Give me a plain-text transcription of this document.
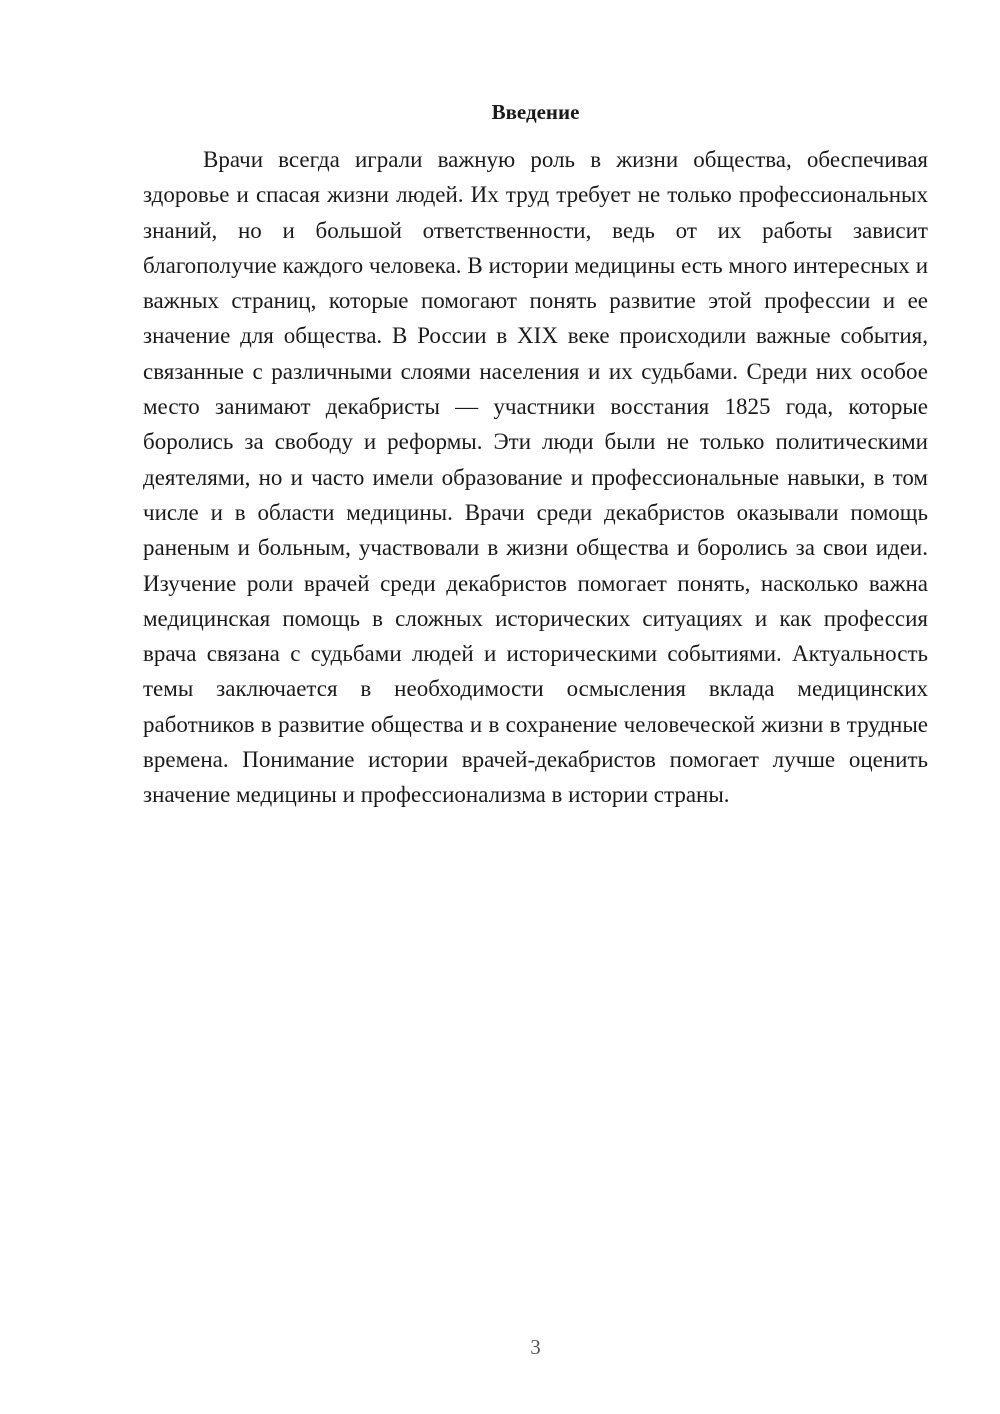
Введение

Врачи всегда играли важную роль в жизни общества, обеспечивая здоровье и спасая жизни людей. Их труд требует не только профессиональных знаний, но и большой ответственности, ведь от их работы зависит благополучие каждого человека. В истории медицины есть много интересных и важных страниц, которые помогают понять развитие этой профессии и ее значение для общества. В России в XIX веке происходили важные события, связанные с различными слоями населения и их судьбами. Среди них особое место занимают декабристы — участники восстания 1825 года, которые боролись за свободу и реформы. Эти люди были не только политическими деятелями, но и часто имели образование и профессиональные навыки, в том числе и в области медицины. Врачи среди декабристов оказывали помощь раненым и больным, участвовали в жизни общества и боролись за свои идеи. Изучение роли врачей среди декабристов помогает понять, насколько важна медицинская помощь в сложных исторических ситуациях и как профессия врача связана с судьбами людей и историческими событиями. Актуальность темы заключается в необходимости осмысления вклада медицинских работников в развитие общества и в сохранение человеческой жизни в трудные времена. Понимание истории врачей-декабристов помогает лучше оценить значение медицины и профессионализма в истории страны.

3
